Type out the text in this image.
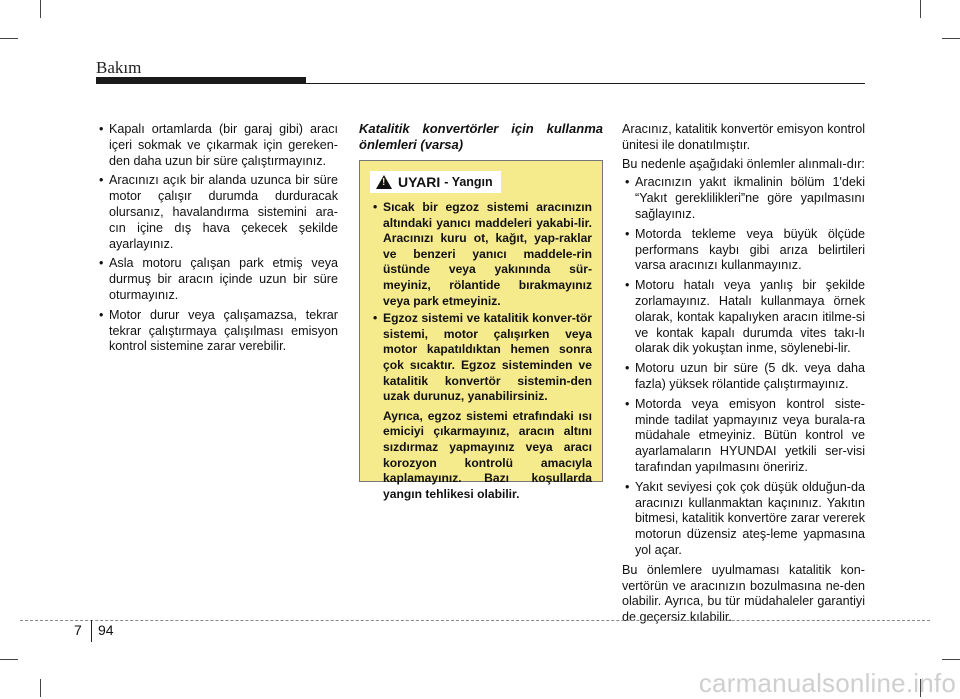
Bakım
• Kapalı ortamlarda (bir garaj gibi) aracı içeri sokmak ve çıkarmak için gereken-den daha uzun bir süre çalıştırmayınız.
• Aracınızı açık bir alanda uzunca bir süre motor çalışır durumda durduracak olursanız, havalandırma sistemini ara-cın içine dış hava çekecek şekilde ayarlayınız.
• Asla motoru çalışan park etmiş veya durmuş bir aracın içinde uzun bir süre oturmayınız.
• Motor durur veya çalışamazsa, tekrar tekrar çalıştırmaya çalışılması emisyon kontrol sistemine zarar verebilir.

Katalitik konvertörler için kullanma önlemleri (varsa)

!
UYARI - Yangın
• Sıcak bir egzoz sistemi aracınızın altındaki yanıcı maddeleri yakabi-lir. Aracınızı kuru ot, kağıt, yap-raklar ve benzeri yanıcı maddele-rin üstünde veya yakınında sür-meyiniz, rölantide bırakmayınız veya park etmeyiniz.
• Egzoz sistemi ve katalitik konver-tör sistemi, motor çalışırken veya motor kapatıldıktan hemen sonra çok sıcaktır. Egzoz sisteminden ve katalitik konvertör sistemin-den uzak durunuz, yanabilirsiniz.

Ayrıca, egzoz sistemi etrafındaki ısı emiciyi çıkarmayınız, aracın altını sızdırmaz yapmayınız veya aracı korozyon kontrolü amacıyla kaplamayınız. Bazı koşullarda yangın tehlikesi olabilir.

Aracınız, katalitik konvertör emisyon kontrol ünitesi ile donatılmıştır.

Bu nedenle aşağıdaki önlemler alınmalı-dır:

• Aracınızın yakıt ikmalinin bölüm 1'deki “Yakıt gereklilikleri”ne göre yapılmasını sağlayınız.
• Motorda tekleme veya büyük ölçüde performans kaybı gibi arıza belirtileri varsa aracınızı kullanmayınız.
• Motoru hatalı veya yanlış bir şekilde zorlamayınız. Hatalı kullanmaya örnek olarak, kontak kapalıyken aracın itilme-si ve kontak kapalı durumda vites takı-lı olarak dik yokuştan inme, söylenebi-lir.
• Motoru uzun bir süre (5 dk. veya daha fazla) yüksek rölantide çalıştırmayınız.
• Motorda veya emisyon kontrol siste-minde tadilat yapmayınız veya burala-ra müdahale etmeyiniz. Bütün kontrol ve ayarlamaların HYUNDAI yetkili ser-visi tarafından yapılmasını öneririz.
• Yakıt seviyesi çok çok düşük olduğun-da aracınızı kullanmaktan kaçınınız. Yakıtın bitmesi, katalitik konvertöre zarar vererek motorun düzensiz ateş-leme yapmasına yol açar.

Bu önlemlere uyulmaması katalitik kon-vertörün ve aracınızın bozulmasına ne-den olabilir. Ayrıca, bu tür müdahaleler garantiyi de geçersiz kılabilir.

7 94
carmanualsonline.info
